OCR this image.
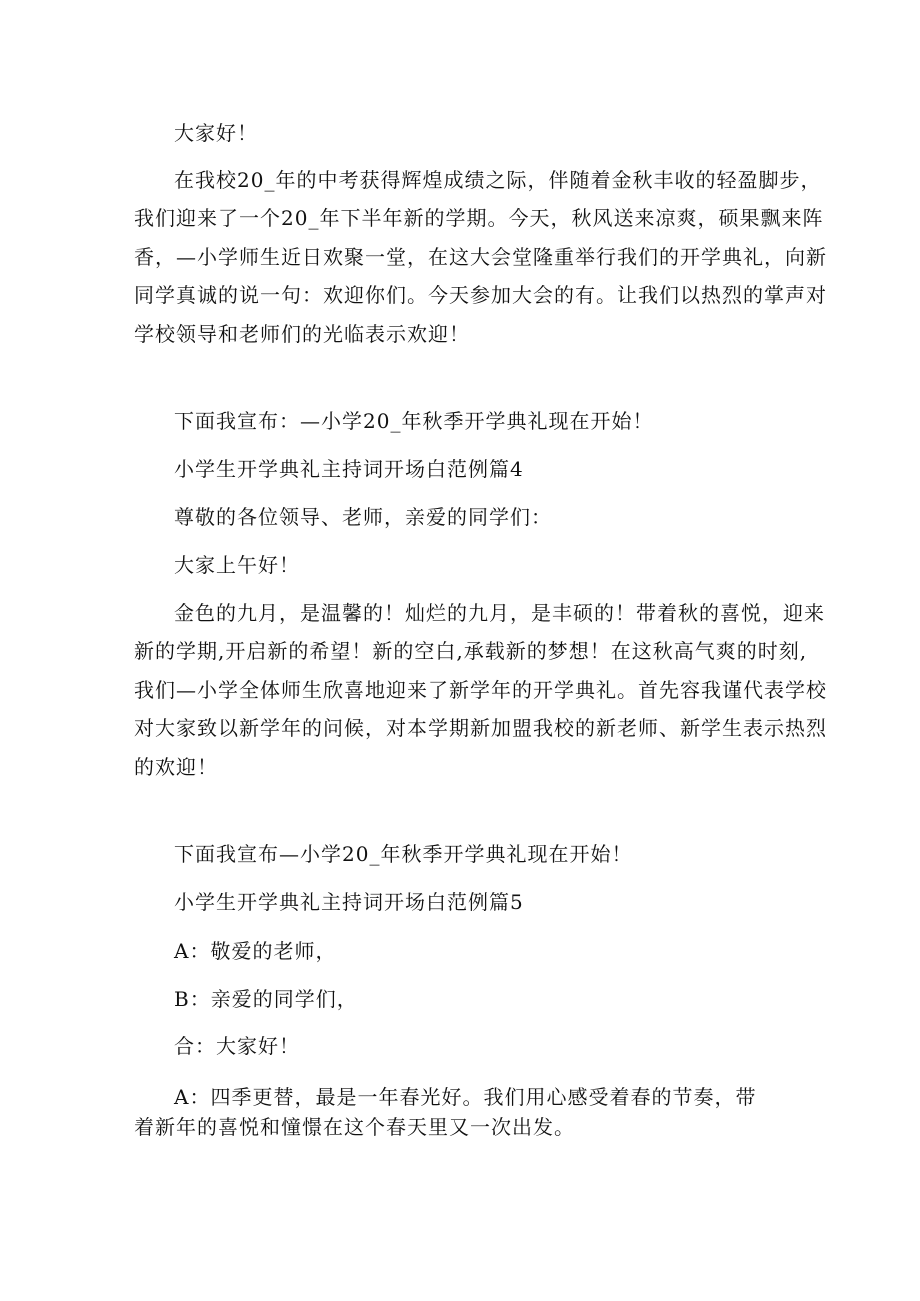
大家好！

在我校20_年的中考获得辉煌成绩之际，伴随着金秋丰收的轻盈脚步，
我们迎来了一个20_年下半年新的学期。今天，秋风送来凉爽，硕果飘来阵
香，—小学师生近日欢聚一堂，在这大会堂隆重举行我们的开学典礼，向新
同学真诚的说一句：欢迎你们。今天参加大会的有。让我们以热烈的掌声对
学校领导和老师们的光临表示欢迎！

下面我宣布：—小学20_年秋季开学典礼现在开始！

小学生开学典礼主持词开场白范例篇4

尊敬的各位领导、老师，亲爱的同学们：

大家上午好！

金色的九月，是温馨的！灿烂的九月，是丰硕的！带着秋的喜悦，迎来
新的学期,开启新的希望！新的空白,承载新的梦想！在这秋高气爽的时刻,
我们—小学全体师生欣喜地迎来了新学年的开学典礼。首先容我谨代表学校
对大家致以新学年的问候，对本学期新加盟我校的新老师、新学生表示热烈
的欢迎！

下面我宣布—小学20_年秋季开学典礼现在开始！

小学生开学典礼主持词开场白范例篇5

A：敬爱的老师，

B：亲爱的同学们，

合：大家好！

A：四季更替，最是一年春光好。我们用心感受着春的节奏，带
着新年的喜悦和憧憬在这个春天里又一次出发。
